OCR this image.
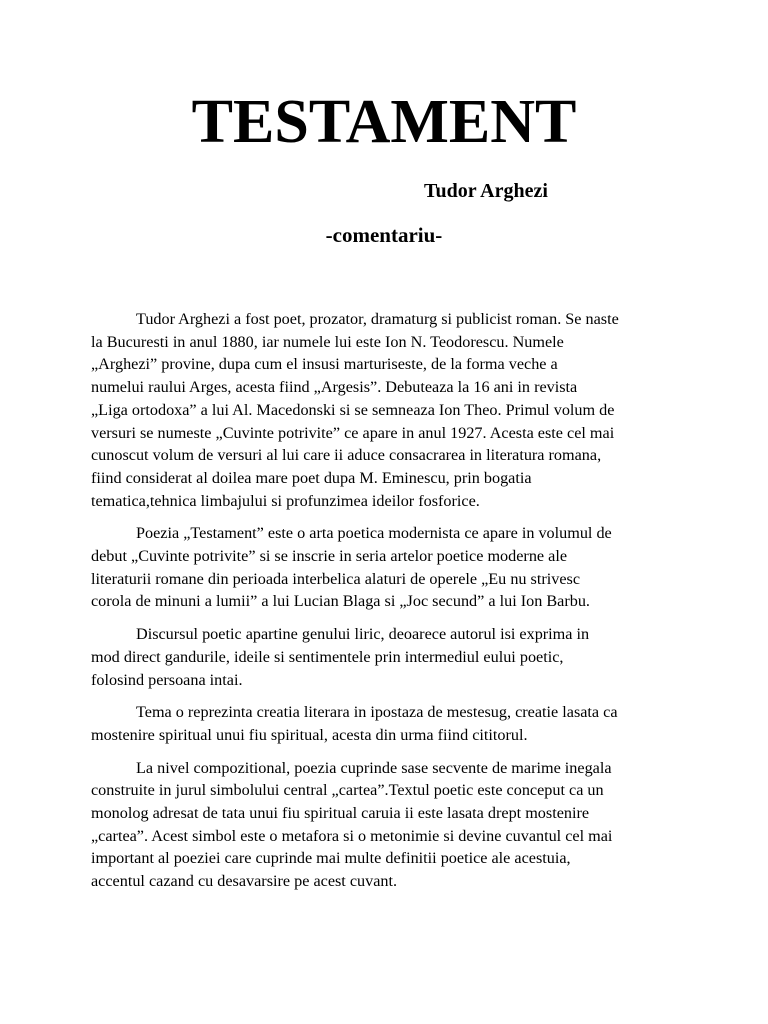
TESTAMENT
Tudor Arghezi
-comentariu-

Tudor Arghezi a fost poet, prozator, dramaturg si publicist roman. Se naste
la Bucuresti in anul 1880, iar numele lui este Ion N. Teodorescu. Numele
„Arghezi” provine, dupa cum el insusi marturiseste, de la forma veche a
numelui raului Arges, acesta fiind „Argesis”. Debuteaza la 16 ani in revista
„Liga ortodoxa” a lui Al. Macedonski si se semneaza Ion Theo. Primul volum de
versuri se numeste „Cuvinte potrivite” ce apare in anul 1927. Acesta este cel mai
cunoscut volum de versuri al lui care ii aduce consacrarea in literatura romana,
fiind considerat al doilea mare poet dupa M. Eminescu, prin bogatia
tematica,tehnica limbajului si profunzimea ideilor fosforice.

Poezia „Testament” este o arta poetica modernista ce apare in volumul de
debut „Cuvinte potrivite” si se inscrie in seria artelor poetice moderne ale
literaturii romane din perioada interbelica alaturi de operele „Eu nu strivesc
corola de minuni a lumii” a lui Lucian Blaga si „Joc secund” a lui Ion Barbu.

Discursul poetic apartine genului liric, deoarece autorul isi exprima in
mod direct gandurile, ideile si sentimentele prin intermediul eului poetic,
folosind persoana intai.

Tema o reprezinta creatia literara in ipostaza de mestesug, creatie lasata ca
mostenire spiritual unui fiu spiritual, acesta din urma fiind cititorul.

La nivel compozitional, poezia cuprinde sase secvente de marime inegala
construite in jurul simbolului central „cartea”.Textul poetic este conceput ca un
monolog adresat de tata unui fiu spiritual caruia ii este lasata drept mostenire
„cartea”. Acest simbol este o metafora si o metonimie si devine cuvantul cel mai
important al poeziei care cuprinde mai multe definitii poetice ale acestuia,
accentul cazand cu desavarsire pe acest cuvant.
